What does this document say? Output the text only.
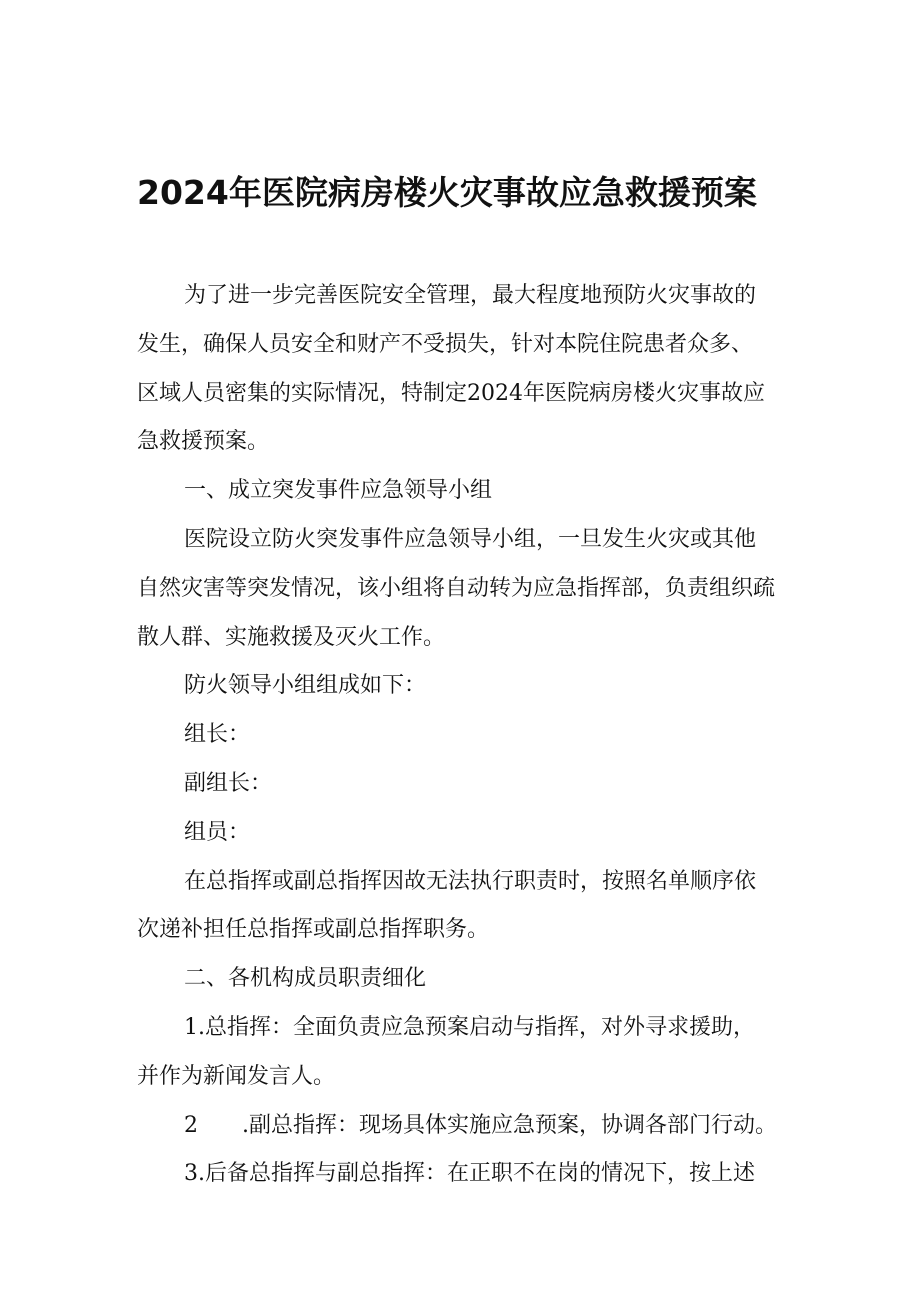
2024年医院病房楼火灾事故应急救援预案

为了进一步完善医院安全管理，最大程度地预防火灾事故的
发生，确保人员安全和财产不受损失，针对本院住院患者众多、
区域人员密集的实际情况，特制定2024年医院病房楼火灾事故应
急救援预案。

一、成立突发事件应急领导小组

医院设立防火突发事件应急领导小组，一旦发生火灾或其他
自然灾害等突发情况，该小组将自动转为应急指挥部，负责组织疏
散人群、实施救援及灭火工作。

防火领导小组组成如下：

组长：

副组长：

组员：

在总指挥或副总指挥因故无法执行职责时，按照名单顺序依
次递补担任总指挥或副总指挥职务。

二、各机构成员职责细化

1.总指挥：全面负责应急预案启动与指挥，对外寻求援助，
并作为新闻发言人。

2 .副总指挥：现场具体实施应急预案，协调各部门行动。

3.后备总指挥与副总指挥：在正职不在岗的情况下，按上述
